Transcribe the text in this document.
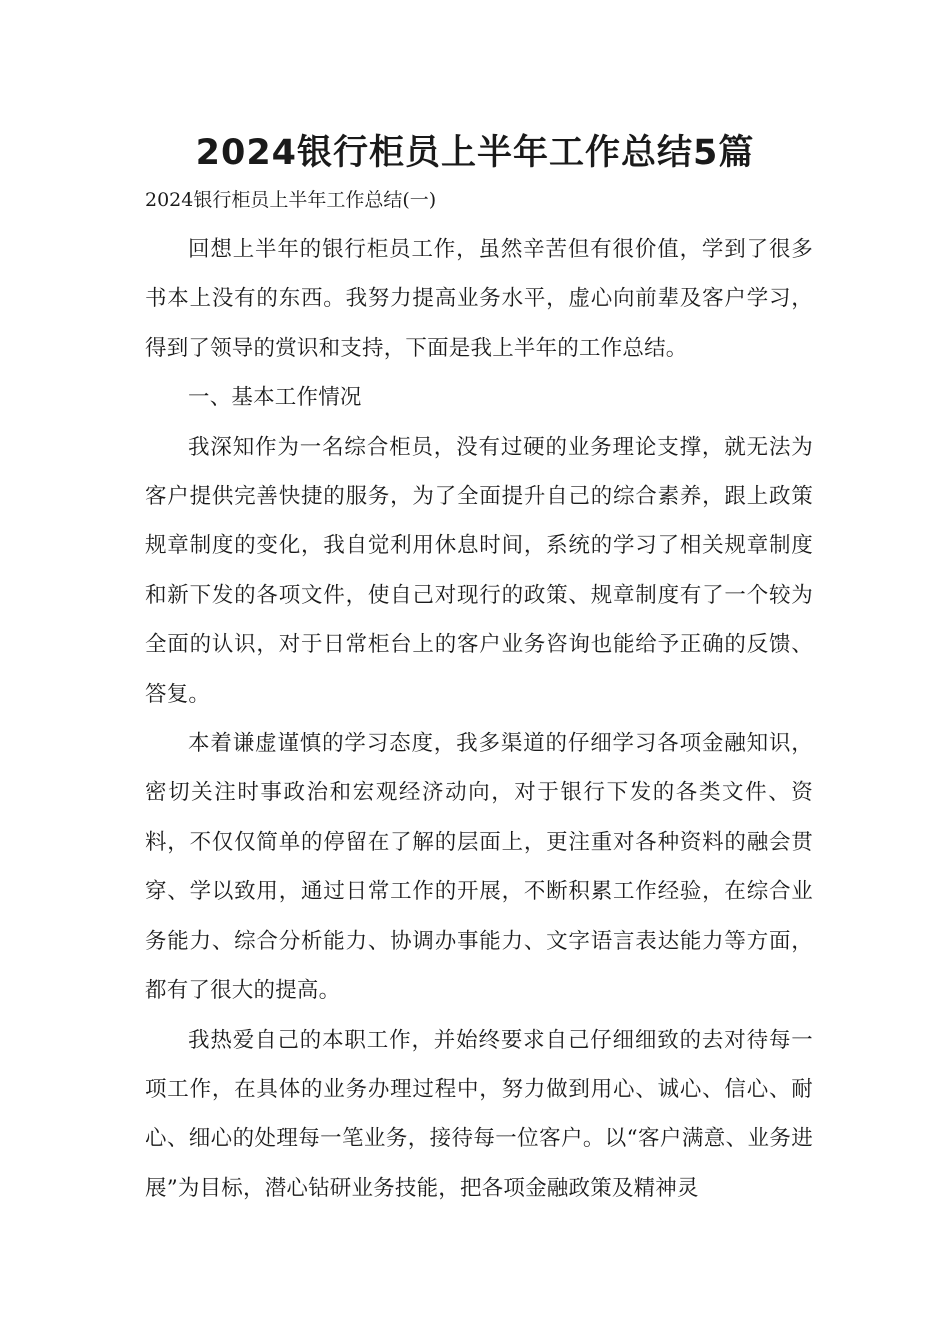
2024银行柜员上半年工作总结5篇

2024银行柜员上半年工作总结(一)

回想上半年的银行柜员工作，虽然辛苦但有很价值，学到了很多书本上没有的东西。我努力提高业务水平，虚心向前辈及客户学习，得到了领导的赏识和支持，下面是我上半年的工作总结。

一、基本工作情况

我深知作为一名综合柜员，没有过硬的业务理论支撑，就无法为客户提供完善快捷的服务，为了全面提升自己的综合素养，跟上政策规章制度的变化，我自觉利用休息时间，系统的学习了相关规章制度和新下发的各项文件，使自己对现行的政策、规章制度有了一个较为全面的认识，对于日常柜台上的客户业务咨询也能给予正确的反馈、答复。

本着谦虚谨慎的学习态度，我多渠道的仔细学习各项金融知识，密切关注时事政治和宏观经济动向，对于银行下发的各类文件、资料，不仅仅简单的停留在了解的层面上，更注重对各种资料的融会贯穿、学以致用，通过日常工作的开展，不断积累工作经验，在综合业务能力、综合分析能力、协调办事能力、文字语言表达能力等方面，都有了很大的提高。

我热爱自己的本职工作，并始终要求自己仔细细致的去对待每一项工作，在具体的业务办理过程中，努力做到用心、诚心、信心、耐心、细心的处理每一笔业务，接待每一位客户。以“客户满意、业务进展”为目标，潜心钻研业务技能，把各项金融政策及精神灵
